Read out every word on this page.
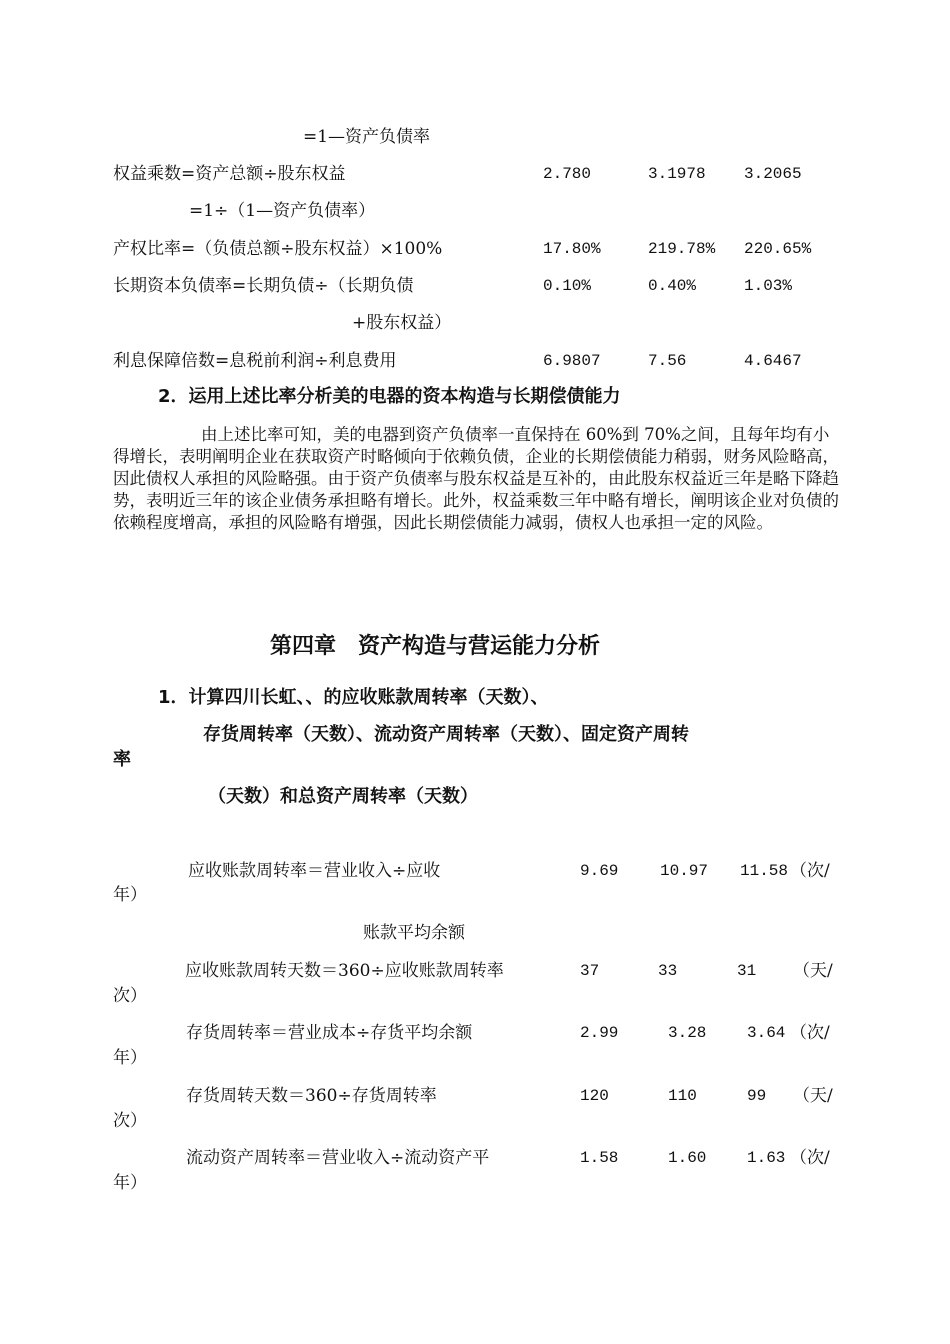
=1—资产负债率
权益乘数=资产总额÷股东权益	2.780	3.1978 3.2065
=1÷（1—资产负债率）
产权比率=（负债总额÷股东权益）×100%	17.80%	219.78% 220.65%
长期资本负债率=长期负债÷（长期负债	0.10%	0.40%	1.03%
+股东权益）
利息保障倍数=息税前利润÷利息费用	6.9807	7.56	4.6467
2．运用上述比率分析美的电器的资本构造与长期偿债能力

由上述比率可知，美的电器到资产负债率一直保持在 60%到 70%之间，且每年均有小得增长，表明阐明企业在获取资产时略倾向于依赖负债，企业的长期偿债能力稍弱，财务风险略高，因此债权人承担的风险略强。由于资产负债率与股东权益是互补的，由此股东权益近三年是略下降趋势，表明近三年的该企业债务承担略有增长。此外，权益乘数三年中略有增长，阐明该企业对负债的依赖程度增高，承担的风险略有增强，因此长期偿债能力减弱，债权人也承担一定的风险。

第四章　资产构造与营运能力分析
1．计算四川长虹、、的应收账款周转率（天数）、
存货周转率（天数）、流动资产周转率（天数）、固定资产周转
率
（天数）和总资产周转率（天数）
应收账款周转率＝营业收入÷应收	9.69	10.97 11.58 （次/
年）
账款平均余额
应收账款周转天数＝360÷应收账款周转率	37	33	31 （天/
次）
存货周转率＝营业成本÷存货平均余额	2.99	3.28	3.64 （次/
年）
存货周转天数＝360÷存货周转率	120	110	99 （天/
次）
流动资产周转率＝营业收入÷流动资产平	1.58	1.60	1.63 （次/
年）
